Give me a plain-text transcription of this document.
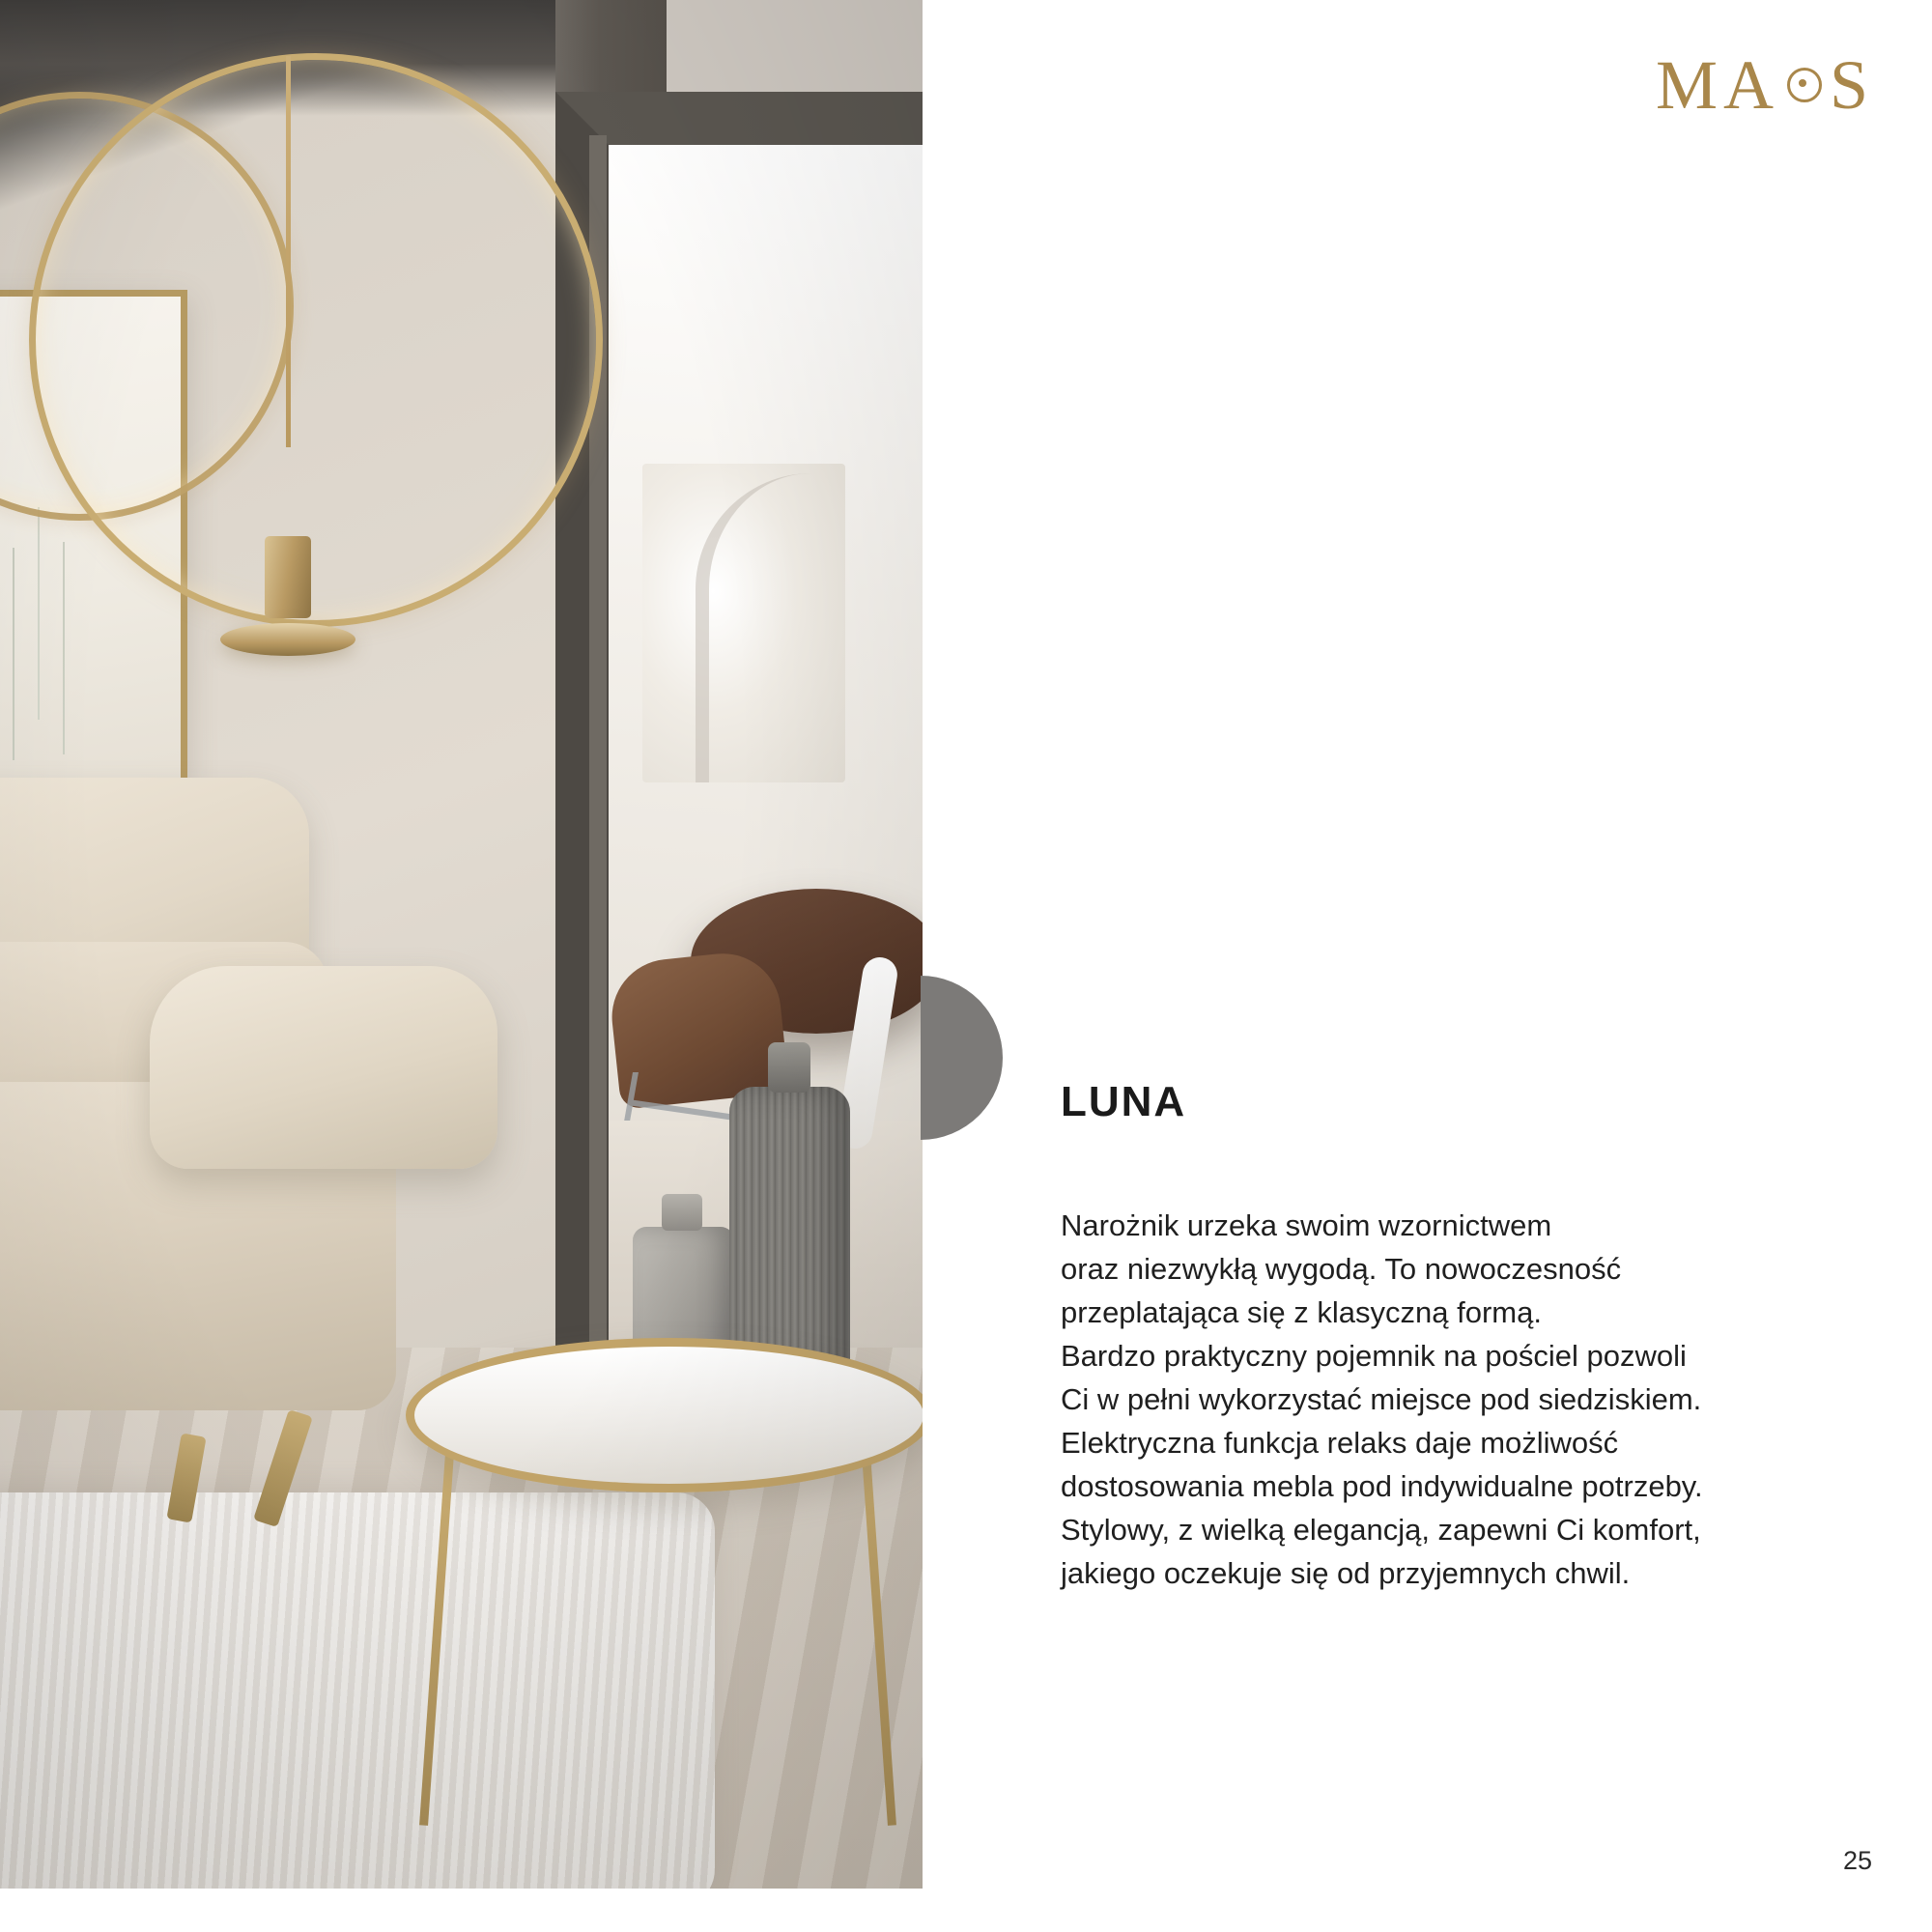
MA S
LUNA

Narożnik urzeka swoim wzornictwem
oraz niezwykłą wygodą. To nowoczesność
przeplatająca się z klasyczną formą.
Bardzo praktyczny pojemnik na pościel pozwoli
Ci w pełni wykorzystać miejsce pod siedziskiem.
Elektryczna funkcja relaks daje możliwość
dostosowania mebla pod indywidualne potrzeby.
Stylowy, z wielką elegancją, zapewni Ci komfort,
jakiego oczekuje się od przyjemnych chwil.

25
